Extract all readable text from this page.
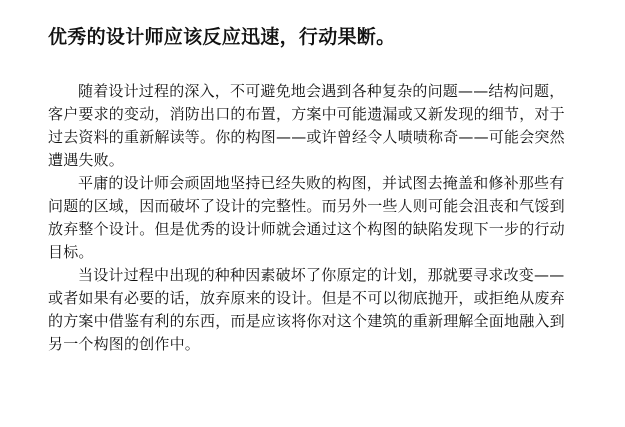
优秀的设计师应该反应迅速，行动果断。
随着设计过程的深入，不可避免地会遇到各种复杂的问题——结构问题，
客户要求的变动，消防出口的布置，方案中可能遗漏或又新发现的细节，对于
过去资料的重新解读等。你的构图——或许曾经令人啧啧称奇——可能会突然
遭遇失败。
平庸的设计师会顽固地坚持已经失败的构图，并试图去掩盖和修补那些有
问题的区域，因而破坏了设计的完整性。而另外一些人则可能会沮丧和气馁到
放弃整个设计。但是优秀的设计师就会通过这个构图的缺陷发现下一步的行动
目标。
当设计过程中出现的种种因素破坏了你原定的计划，那就要寻求改变——
或者如果有必要的话，放弃原来的设计。但是不可以彻底抛开，或拒绝从废弃
的方案中借鉴有利的东西，而是应该将你对这个建筑的重新理解全面地融入到
另一个构图的创作中。
